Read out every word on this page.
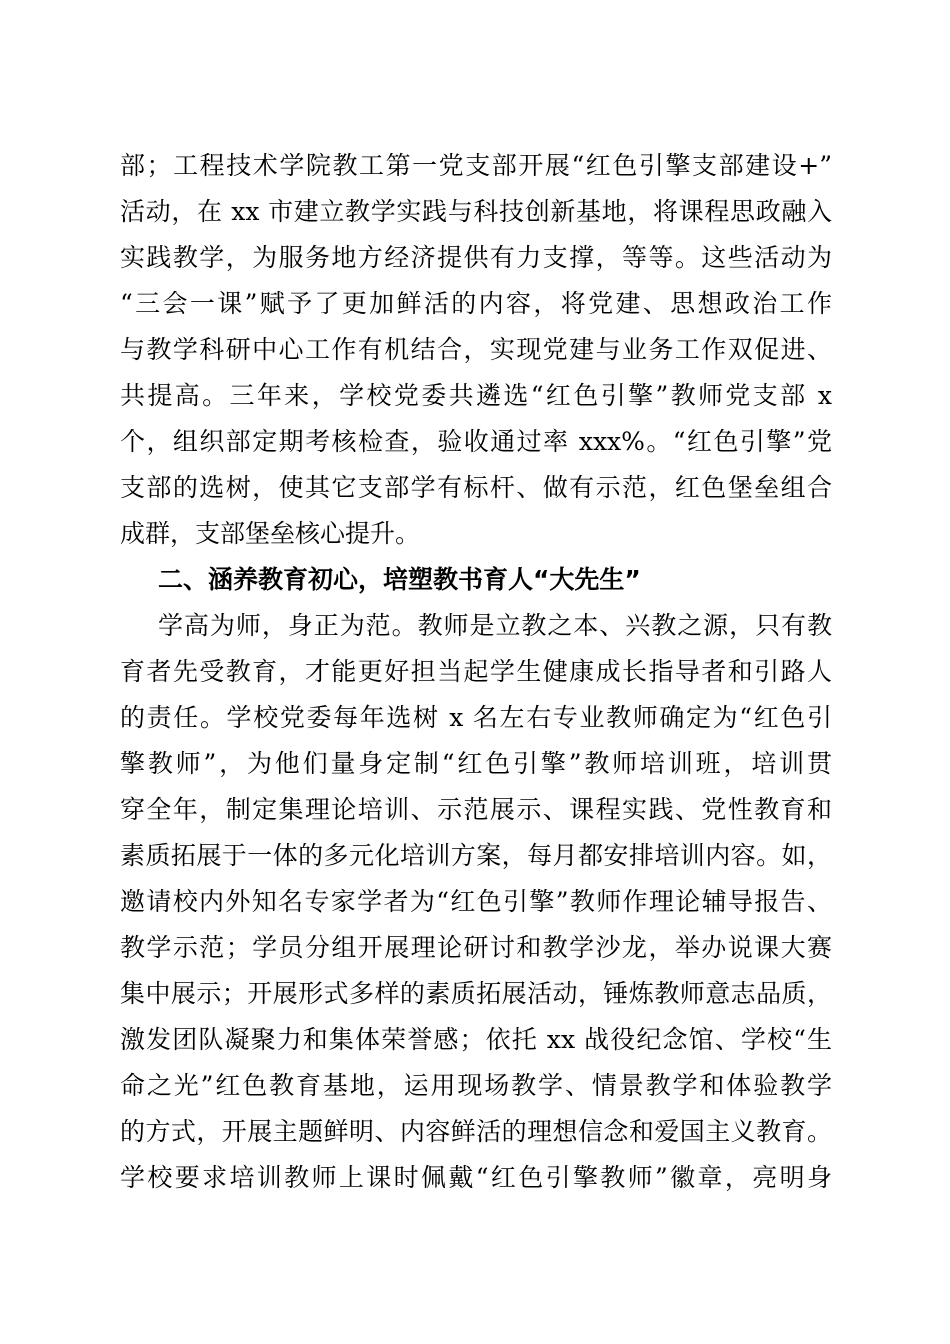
部；工程技术学院教工第一党支部开展“红色引擎支部建设+”
活动，在 xx 市建立教学实践与科技创新基地，将课程思政融入
实践教学，为服务地方经济提供有力支撑，等等。这些活动为
“三会一课”赋予了更加鲜活的内容，将党建、思想政治工作
与教学科研中心工作有机结合，实现党建与业务工作双促进、
共提高。三年来，学校党委共遴选“红色引擎”教师党支部 x
个，组织部定期考核检查，验收通过率 xxx%。“红色引擎”党
支部的选树，使其它支部学有标杆、做有示范，红色堡垒组合
成群，支部堡垒核心提升。
二、涵养教育初心，培塑教书育人“大先生”
学高为师，身正为范。教师是立教之本、兴教之源，只有教
育者先受教育，才能更好担当起学生健康成长指导者和引路人
的责任。学校党委每年选树 x 名左右专业教师确定为“红色引
擎教师”，为他们量身定制“红色引擎”教师培训班，培训贯
穿全年，制定集理论培训、示范展示、课程实践、党性教育和
素质拓展于一体的多元化培训方案，每月都安排培训内容。如，
邀请校内外知名专家学者为“红色引擎”教师作理论辅导报告、
教学示范；学员分组开展理论研讨和教学沙龙，举办说课大赛
集中展示；开展形式多样的素质拓展活动，锤炼教师意志品质，
激发团队凝聚力和集体荣誉感；依托 xx 战役纪念馆、学校“生
命之光”红色教育基地，运用现场教学、情景教学和体验教学
的方式，开展主题鲜明、内容鲜活的理想信念和爱国主义教育。
学校要求培训教师上课时佩戴“红色引擎教师”徽章，亮明身
